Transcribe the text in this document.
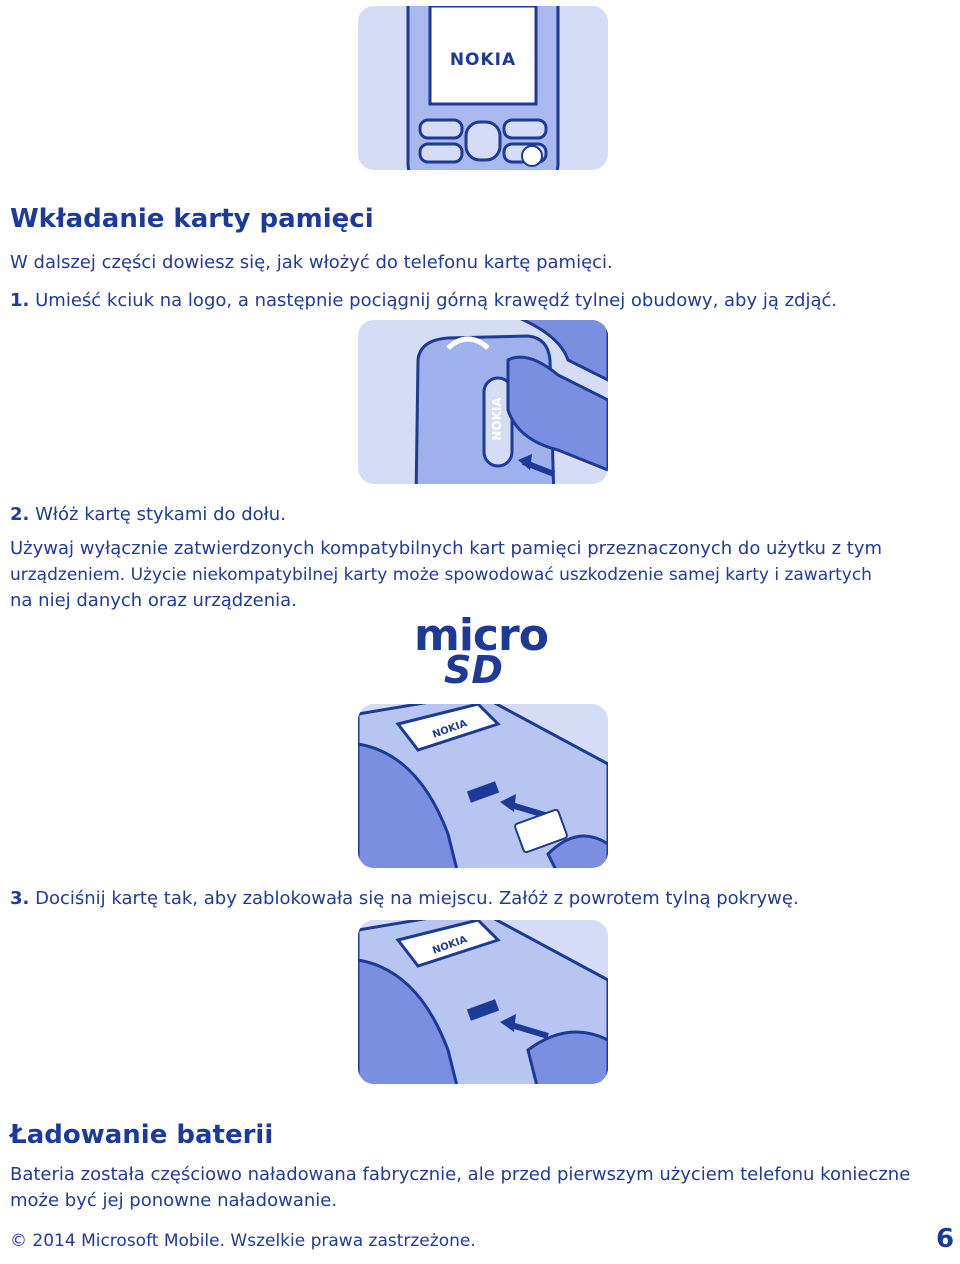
NOKIA
Wkładanie karty pamięci

W dalszej części dowiesz się, jak włożyć do telefonu kartę pamięci.

1. Umieść kciuk na logo, a następnie pociągnij górną krawędź tylnej obudowy, aby ją zdjąć.

NOKIA

2. Włóż kartę stykami do dołu.

Używaj wyłącznie zatwierdzonych kompatybilnych kart pamięci przeznaczonych do użytku z tym

urządzeniem. Użycie niekompatybilnej karty może spowodować uszkodzenie samej karty i zawartych

na niej danych oraz urządzenia.

micro
SD
NOKIA

3. Dociśnij kartę tak, aby zablokowała się na miejscu. Załóż z powrotem tylną pokrywę.

NOKIA
Ładowanie baterii

Bateria została częściowo naładowana fabrycznie, ale przed pierwszym użyciem telefonu konieczne

może być jej ponowne naładowanie.

© 2014 Microsoft Mobile. Wszelkie prawa zastrzeżone.	6
